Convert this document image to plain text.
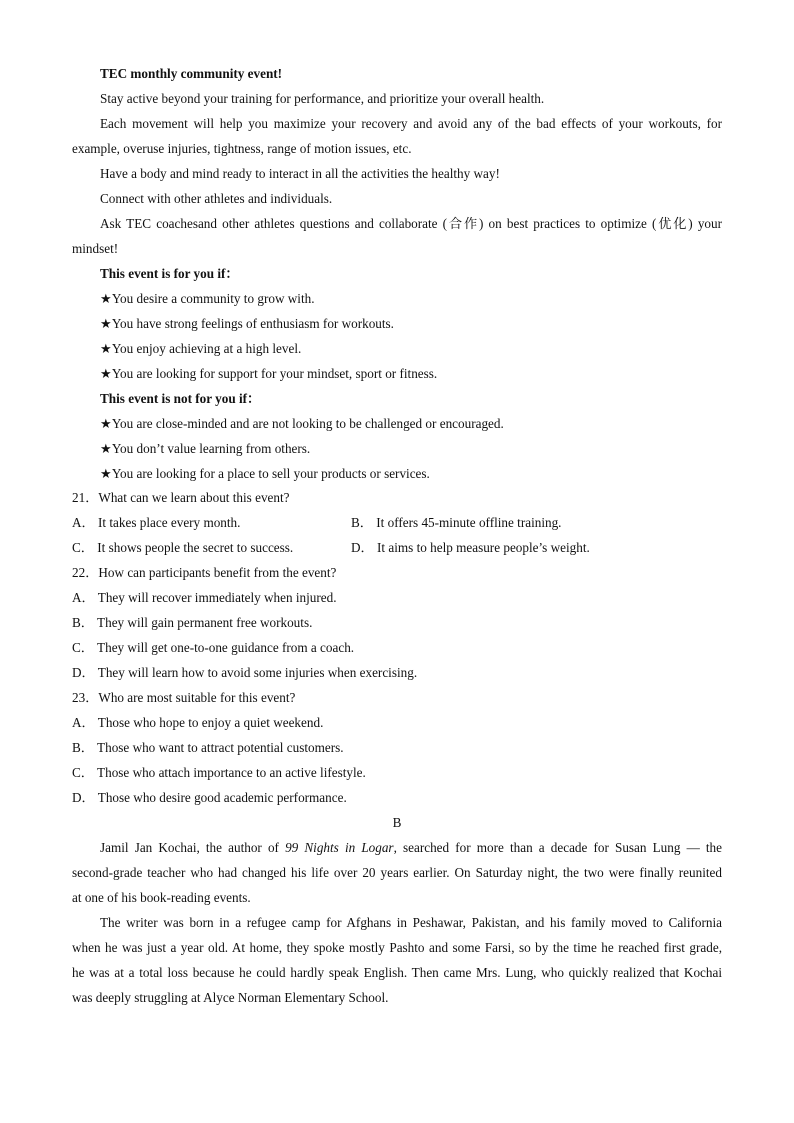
TEC monthly community event!
Stay active beyond your training for performance, and prioritize your overall health.
Each movement will help you maximize your recovery and avoid any of the bad effects of your workouts, for
example, overuse injuries, tightness, range of motion issues, etc.
Have a body and mind ready to interact in all the activities the healthy way!
Connect with other athletes and individuals.
Ask TEC coachesand other athletes questions and collaborate (合作) on best practices to optimize (优化) your
mindset!
This event is for you if：
★You desire a community to grow with.
★You have strong feelings of enthusiasm for workouts.
★You enjoy achieving at a high level.
★You are looking for support for your mindset, sport or fitness.
This event is not for you if：
★You are close-minded and are not looking to be challenged or encouraged.
★You don’t value learning from others.
★You are looking for a place to sell your products or services.
21．What can we learn about this event?
A． It takes place every month.	B． It offers 45-minute offline training.
C． It shows people the secret to success.	D． It aims to help measure people’s weight.
22．How can participants benefit from the event?
A． They will recover immediately when injured.
B． They will gain permanent free workouts.
C． They will get one-to-one guidance from a coach.
D． They will learn how to avoid some injuries when exercising.
23．Who are most suitable for this event?
A． Those who hope to enjoy a quiet weekend.
B． Those who want to attract potential customers.
C． Those who attach importance to an active lifestyle.
D． Those who desire good academic performance.
B
Jamil Jan Kochai, the author of 99 Nights in Logar, searched for more than a decade for Susan Lung — the
second-grade teacher who had changed his life over 20 years earlier. On Saturday night, the two were finally reunited
at one of his book-reading events.
The writer was born in a refugee camp for Afghans in Peshawar, Pakistan, and his family moved to California
when he was just a year old. At home, they spoke mostly Pashto and some Farsi, so by the time he reached first grade,
he was at a total loss because he could hardly speak English. Then came Mrs. Lung, who quickly realized that Kochai
was deeply struggling at Alyce Norman Elementary School.
